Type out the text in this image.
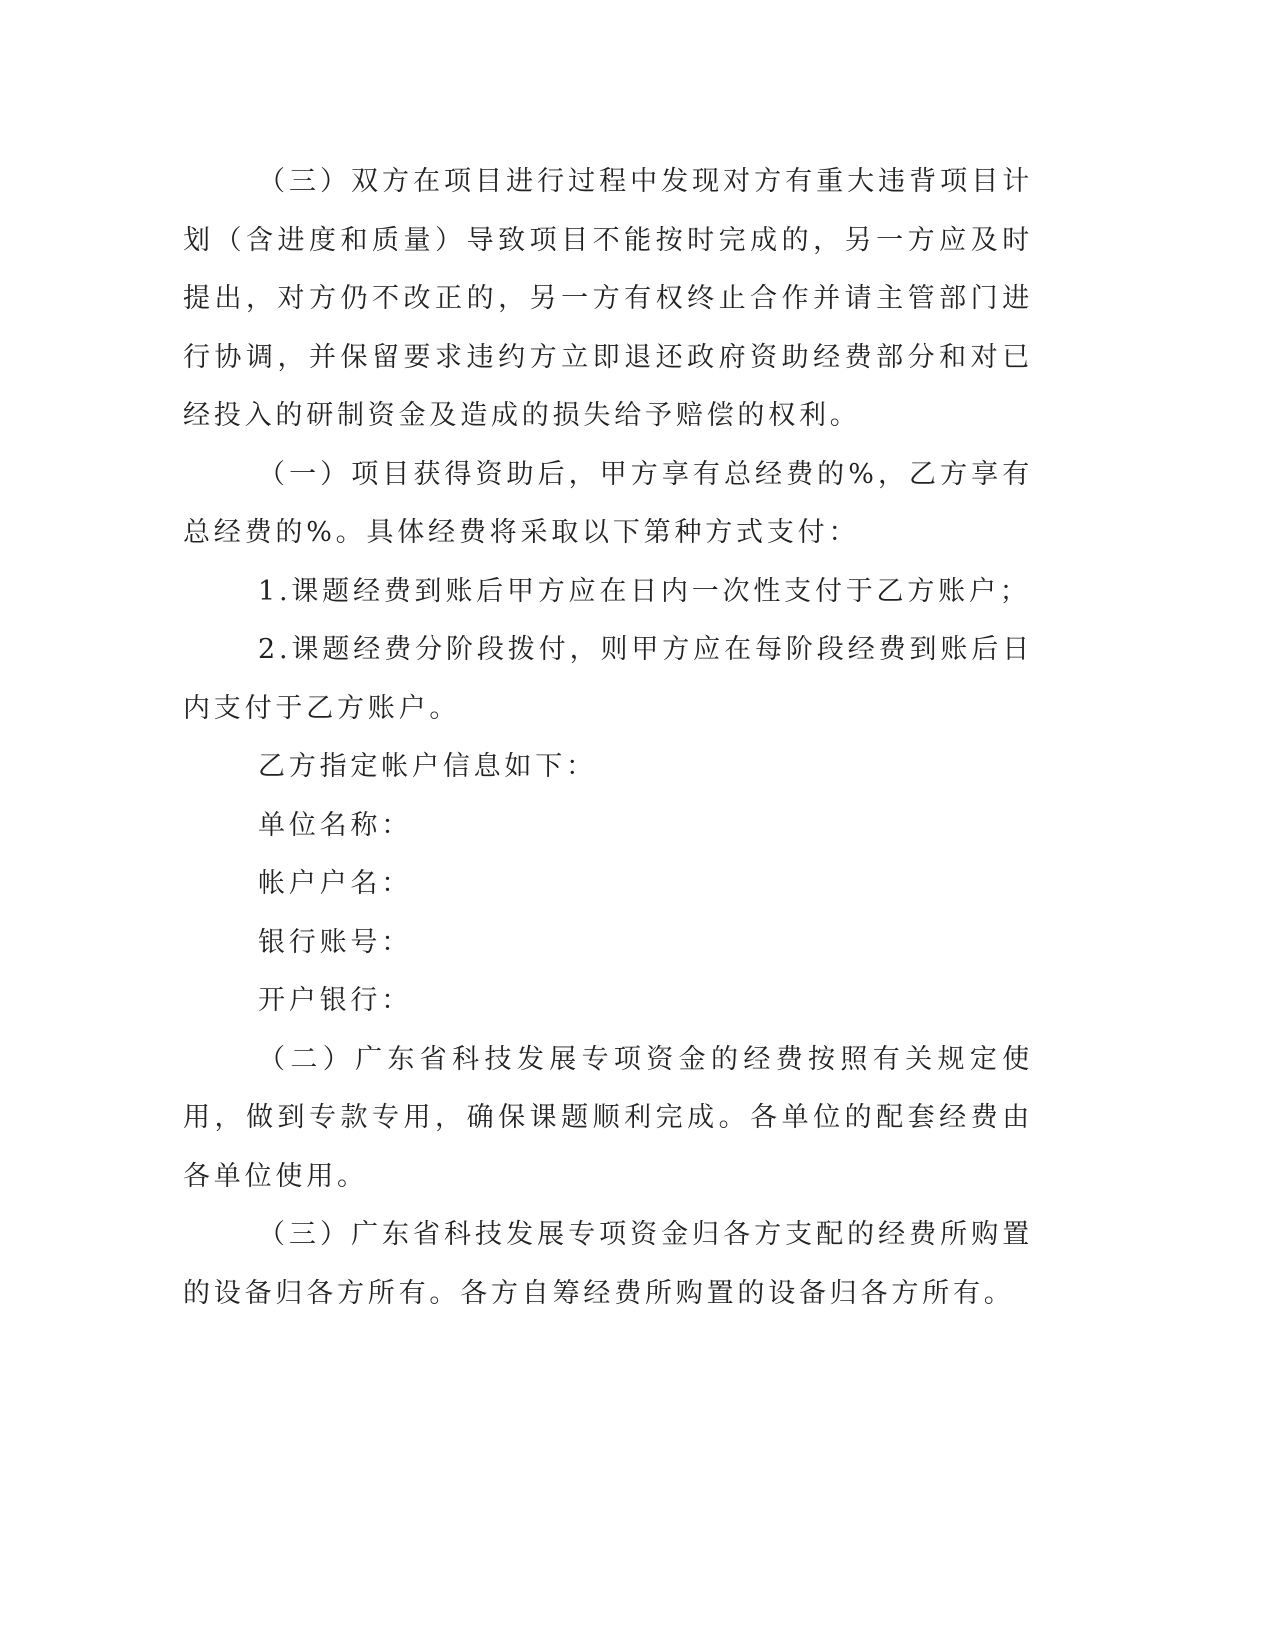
（三）双方在项目进行过程中发现对方有重大违背项目计划（含进度和质量）导致项目不能按时完成的，另一方应及时提出，对方仍不改正的，另一方有权终止合作并请主管部门进行协调，并保留要求违约方立即退还政府资助经费部分和对已经投入的研制资金及造成的损失给予赔偿的权利。

（一）项目获得资助后，甲方享有总经费的%，乙方享有总经费的%。具体经费将采取以下第种方式支付：

1.课题经费到账后甲方应在日内一次性支付于乙方账户；

2.课题经费分阶段拨付，则甲方应在每阶段经费到账后日内支付于乙方账户。

乙方指定帐户信息如下：

单位名称：

帐户户名：

银行账号：

开户银行：

（二）广东省科技发展专项资金的经费按照有关规定使用，做到专款专用，确保课题顺利完成。各单位的配套经费由各单位使用。

（三）广东省科技发展专项资金归各方支配的经费所购置的设备归各方所有。各方自筹经费所购置的设备归各方所有。
